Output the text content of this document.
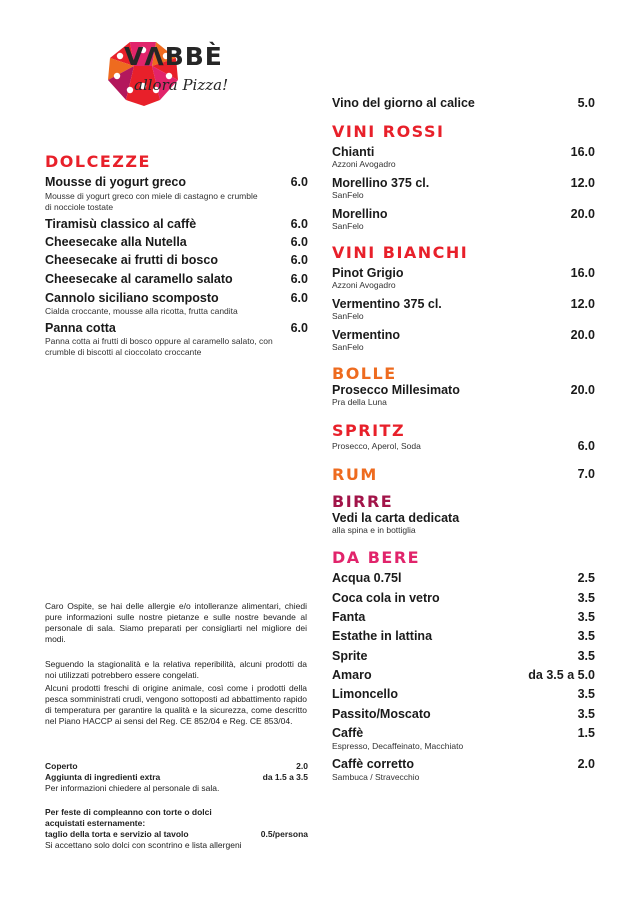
VΛBBÈ
allora Pizza!
DOLCEZZE
Mousse di yogurt greco	6.0
Mousse di yogurt greco con miele di castagno e crumble di nocciole tostate
Tiramisù classico al caffè	6.0
Cheesecake alla Nutella	6.0
Cheesecake ai frutti di bosco	6.0
Cheesecake al caramello salato	6.0
Cannolo siciliano scomposto	6.0
Cialda croccante, mousse alla ricotta, frutta candita
Panna cotta	6.0
Panna cotta ai frutti di bosco oppure al caramello salato, con crumble di biscotti al cioccolato croccante
Caro Ospite, se hai delle allergie e/o intolleranze alimentari, chiedi pure informazioni sulle nostre pietanze e sulle nostre bevande al personale di sala. Siamo preparati per consigliarti nel migliore dei modi.
Seguendo la stagionalità e la relativa reperibilità, alcuni prodotti da noi utilizzati potrebbero essere congelati.
Alcuni prodotti freschi di origine animale, così come i prodotti della pesca somministrati crudi, vengono sottoposti ad abbattimento rapido di temperatura per garantire la qualità e la sicurezza, come descritto nel Piano HACCP ai sensi del Reg. CE 852/04 e Reg. CE 853/04.
Coperto	2.0
Aggiunta di ingredienti extra	da 1.5 a 3.5
Per informazioni chiedere al personale di sala.
Per feste di compleanno con torte o dolci acquistati esternamente:
taglio della torta e servizio al tavolo	0.5/persona
Si accettano solo dolci con scontrino e lista allergeni
Vino del giorno al calice	5.0
VINI ROSSI
Chianti	16.0
Azzoni Avogadro
Morellino 375 cl.	12.0
SanFelo
Morellino	20.0
SanFelo
VINI BIANCHI
Pinot Grigio	16.0
Azzoni Avogadro
Vermentino 375 cl.	12.0
SanFelo
Vermentino	20.0
SanFelo
BOLLE
Prosecco Millesimato	20.0
Pra della Luna
SPRITZ
Prosecco, Aperol, Soda	6.0
RUM	7.0
BIRRE
Vedi la carta dedicata
alla spina e in bottiglia
DA BERE
Acqua 0.75l	2.5
Coca cola in vetro	3.5
Fanta	3.5
Estathe in lattina	3.5
Sprite	3.5
Amaro	da 3.5 a 5.0
Limoncello	3.5
Passito/Moscato	3.5
Caffè	1.5
Espresso, Decaffeinato, Macchiato
Caffè corretto	2.0
Sambuca / Stravecchio
